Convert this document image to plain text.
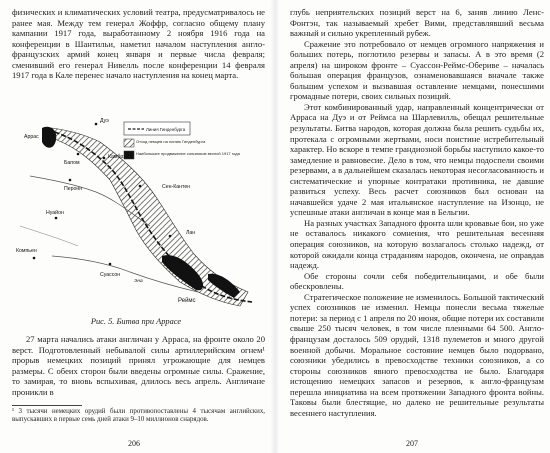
физических и климатических условий театра, предусматривалось не ранее мая. Между тем генерал Жоффр, согласно общему плану кампании 1917 года, выработанному 2 ноября 1916 года на конференции в Шантильи, наметил началом наступления англо-французских армий конец января и первые числа февраля; сменивший его генерал Нивелль после конференции 14 февраля 1917 года в Кале перенес начало наступления на конец марта.

Линия Гинденбурга
Отход немцев на линию Гинденбурга
Наибольшее продвижение союзников весной 1917 года
Аррас
Дуэ
Камбрэ
Сен-Кантен
Лан
Реймс
Суассон
Нуайон
Перонн
Бапом
Компьен
Эна
Рис. 5. Битва при Аррасе

27 марта начались атаки англичан у Арраса, на фронте около 20 верст. Подготовленный небывалой силы артиллерийским огнем¹ прорыв немецких позиций принял угрожающие для немцев размеры. С обеих сторон были введены огромные силы. Сражение, то замирая, то вновь вспыхивая, длилось весь апрель. Англичане проникли в

¹ 3 тысячи немецких орудий были противопоставлены 4 тысячам английских, выпускавших в первые семь дней атаки 9–10 миллионов снарядов.
206

глубь неприятельских позиций верст на 6, заняв линию Ленс-Фонтэн, так называемый хребет Вими, представлявший весьма важный и сильно укрепленный рубеж.

Сражение это потребовало от немцев огромного напряжения и больших потерь, поглотило резервы и запасы. А в это время (2 апреля) на широком фронте – Суассон-Реймс-Обериве – началась большая операция французов, ознаменовавшаяся вначале также большим успехом и вызвавшая оставление немцами, понесшими громадные потери, своих сильных позиций.

Этот комбинированный удар, направленный концентрически от Арраса на Дуэ и от Реймса на Шарлевилль, обещал решительные результаты. Битва народов, которая должна была решить судьбы их, протекала с огромными жертвами, носи поистине истребительный характер. Но вскоре в темпе грандиозной борьбы наступило какое-то замедление и равновесие. Дело в том, что немцы подоспели своими резервами, а в дальнейшем сказалась некоторая несогласованность и систематические и упорные контратаки противника, не давшие развиться успеху. Весь расчет союзников был основан на начавшейся удаче 2 мая итальянское наступление на Изонцо, не успешные атаки англичан в конце мая в Бельгии.

На разных участках Западного фронта шли кровавые бои, но уже не оставалось никакого сомнения, что решительная весенняя операция союзников, на которую возлагалось столько надежд, от которой ожидали конца страданиям народов, окончена, не оправдав надежд.

Обе стороны сочли себя победительницами, и обе были обескровлены.

Стратегическое положение не изменилось. Большой тактический успех союзников не изменил. Немцы понесли весьма тяжелые потери: за период с 1 апреля по 20 июня, общие потери их составили свыше 250 тысяч человек, в том числе пленными 64 500. Англо-французам досталось 509 орудий, 1318 пулеметов и много другой военной добычи. Моральное состояние немцев было подорвано, союзники убедились в превосходстве техники союзников, а со стороны союзников явного превосходства не было. Благодаря истощению немецких запасов и резервов, к англо-французам перешла инициатива на всем протяжении Западного фронта войны. Таковы были блестящие, но далеко не решительные результаты весеннего наступления.

207
